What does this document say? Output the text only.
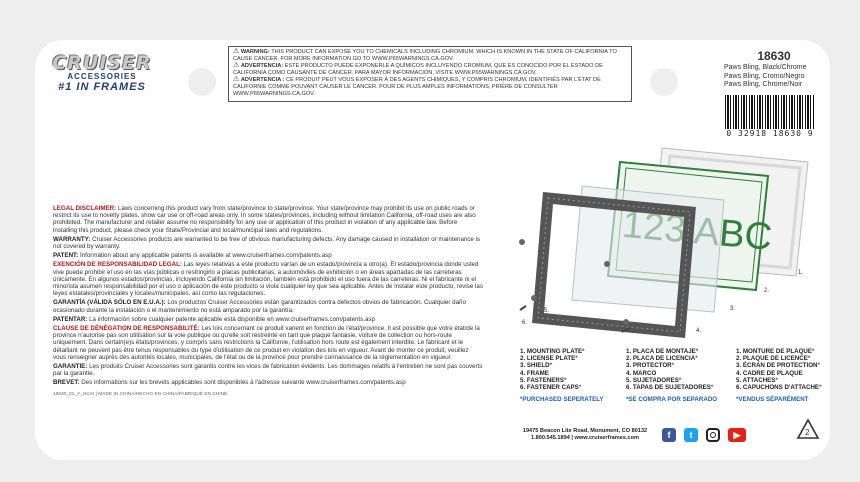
CRUISER
ACCESSORIES
#1 IN FRAMES
⚠ WARNING: THIS PRODUCT CAN EXPOSE YOU TO CHEMICALS INCLUDING CHROMIUM, WHICH IS KNOWN IN THE STATE OF CALIFORNIA TO CAUSE CANCER. FOR MORE INFORMATION GO TO WWW.P65WARNINGS.CA.GOV.
⚠ ADVERTENCIA: ESTE PRODUCTO PUEDE EXPONERLE A QUÍMICOS INCLUYENDO CROMIUM, QUE ES CONOCIDO POR EL ESTADO DE CALIFORNIA COMO CAUSANTE DE CÁNCER. PARA MAYOR INFORMACIÓN, VISITE WWW.P65WARNINGS.CA.GOV.
⚠ ADVERTENCIA : CE PRODUIT PEUT VOUS EXPOSER À DES AGENTS CHIMIQUES, Y COMPRIS CHROMIUM, IDENTIFIÉS PAR L'ÉTAT DE CALIFORNIE COMME POUVANT CAUSER LE CANCER. POUR DE PLUS AMPLES INFORMATIONS, PRIÈRE DE CONSULTER WWW.P65WARNINGS.CA.GOV.
18630
Paws Bling, Black/Chrome
Paws Bling, Cromo/Negro
Paws Bling, Chrome/Noir
0 32918 18630 9

LEGAL DISCLAIMER: Laws concerning this product vary from state/province to state/province. Your state/province may prohibit its use on public roads or restrict its use to novelty plates, show car use or off-road areas only. In some states/provinces, including without limitation California, off-road uses are also prohibited. The manufacturer and retailer assume no responsibility for any use or application of this product in violation of any applicable law. Before installing this product, please check your State/Provincial and local/municipal laws and regulations.

WARRANTY: Cruiser Accessories products are warranted to be free of obvious manufacturing defects. Any damage caused in installation or maintenance is not covered by warranty.

PATENT: Information about any applicable patents is available at www.cruiserframes.com/patents.asp

EXENCIÓN DE RESPONSABILIDAD LEGAL: Las leyes relativas a este producto varían de un estado/provincia a otro(a). El estado/provincia donde usted vive puede prohibir el uso en las vías públicas o restringirlo a placas publicitarias, a automóviles de exhibición o en áreas apartadas de las carreteras únicamente. En algunos estados/provincias, incluyendo California sin limitación, también está prohibido el uso fuera de las carreteras. Ni el fabricante ni el minorista asumen responsabilidad por el uso o aplicación de este producto si viola cualquier ley que sea aplicable. Antes de instalar este producto, revise las leyes estatales/provinciales y locales/municipales, así como las regulaciones.

GARANTÍA (VÁLIDA SÓLO EN E.U.A.): Los productos Cruiser Accessories están garantizados contra defectos obvios de fabricación. Cualquier daño ocasionado durante la instalación o el mantenimiento no está amparado por la garantía.

PATENTAR: La información sobre cualquier patente aplicable está disponible en www.cruiserframes.com/patents.asp

CLAUSE DE DÉNÉGATION DE RESPONSABILITÉ: Les lois concernant ce produit varient en fonction de l'état/province. Il est possible que votre état/de la province n'autorise pas son utilisation sur la voie publique ou qu'elle soit restreinte en tant que plaque fantaisie, voiture de collection ou hors-route uniquement. Dans certain(e)s états/provinces, y compris sans restrictions la Californie, l'utilisation hors route est également interdite. Le fabricant et le détaillant ne peuvent pas être tenus responsables du type d'utilisation de ce produit en violation des lois en vigueur. Avant de monter ce produit, veuillez vous renseigner auprès des autorités locales, municipales, de l'état ou de la province pour prendre connaissance de la réglementation en vigueur.

GARANTIE: Les produits Cruiser Accessories sont garantis contre les vices de fabrication évidents. Les dommages relatifs à l'entretien ne sont pas couverts par la garantie.

BREVET: Des informations sur les brevets applicables sont disponibles à l'adresse suivante www.cruiserframes.com/patents.asp

18630_01_Y_HCAI | MADE IN CHINA/HECHO EN CHINA/FABRIQUÉ EN CHINE

ABC
1.
2.
3.
4.
5.
6.
1. MOUNTING PLATE*
2. LICENSE PLATE*
3. SHIELD*
4. FRAME
5. FASTENERS*
6. FASTENER CAPS*
*PURCHASED SEPERATELY
1. PLACA DE MONTAJE*
2. PLACA DE LICENCIA*
3. PROTECTOR*
4. MARCO
5. SUJETADORES*
6. TAPAS DE SUJETADORES*
*SE COMPRA POR SEPARADO
1. MONTURE DE PLAQUE*
2. PLAQUE DE LICENCE*
3. ÉCRAN DE PROTECTION*
4. CADRE DE PLAQUE
5. ATTACHES*
6. CAPUCHONS D'ATTACHE*
*VENDUS SÉPARÉMENT
19475 Beacon Lite Road, Monument, CO 80132
1.800.545.1894 | www.cruiserframes.com	f	t	▶	2
